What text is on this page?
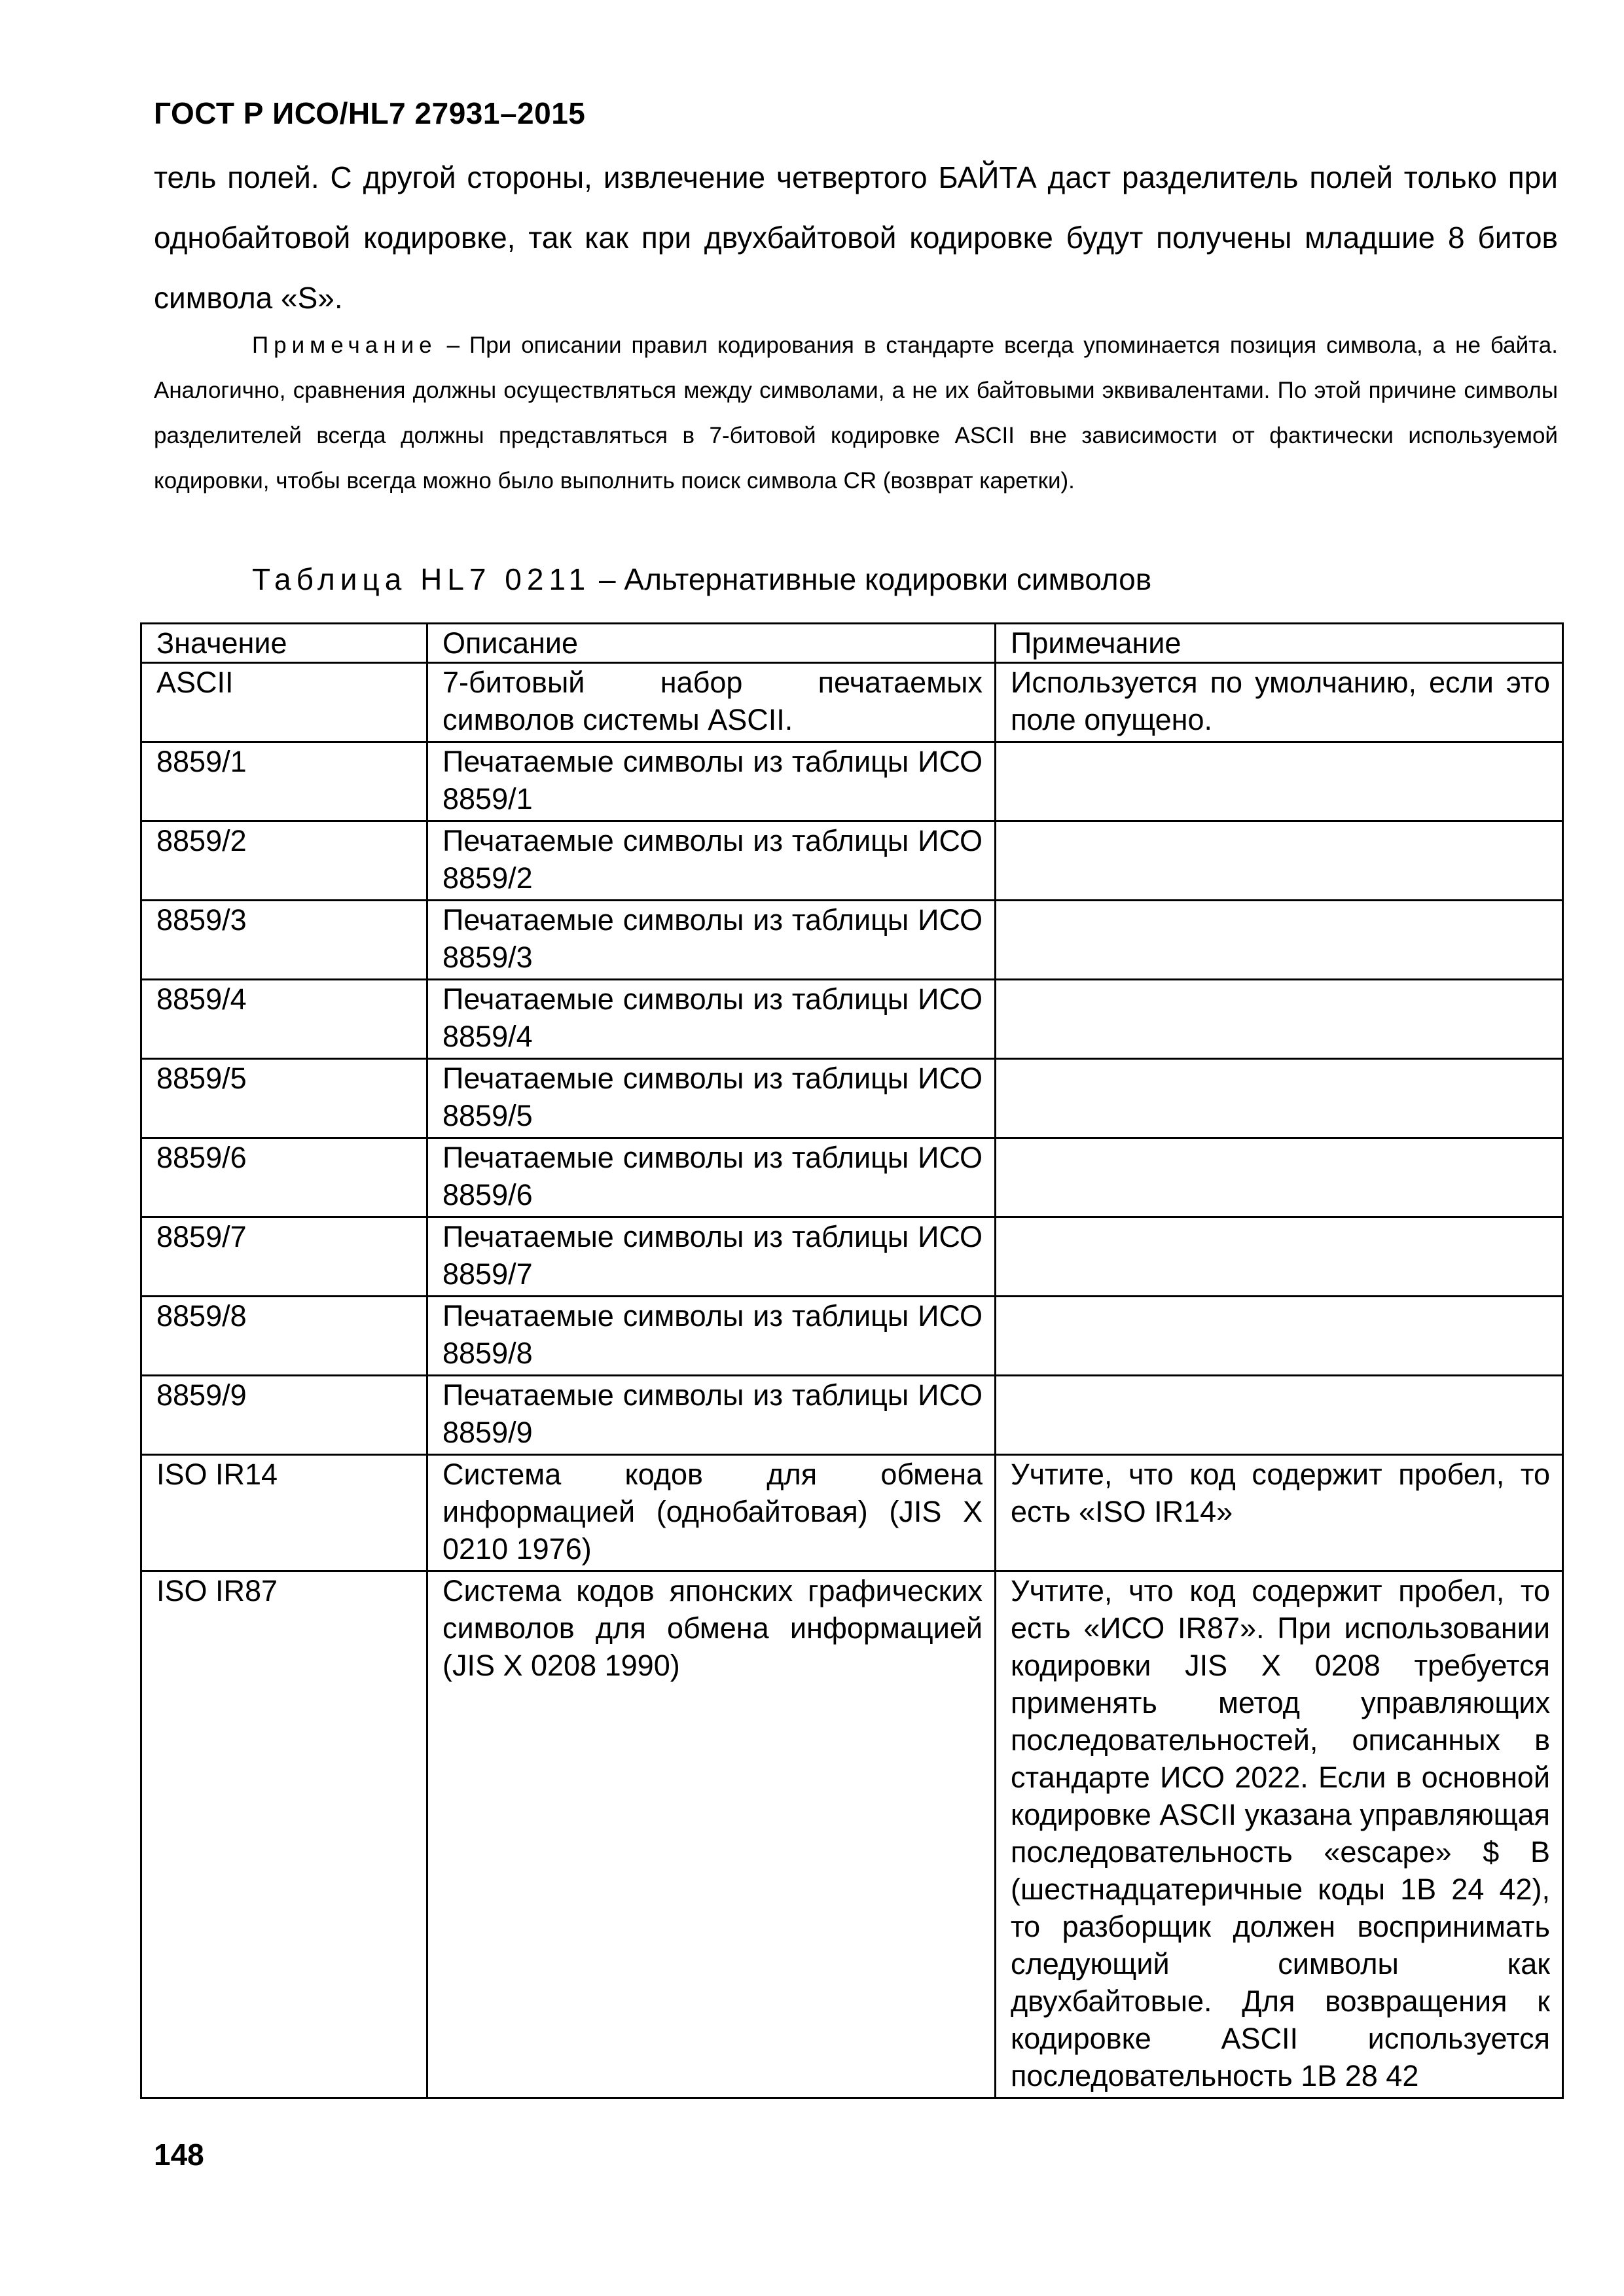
ГОСТ Р ИСО/HL7 27931–2015

тель полей. С другой стороны, извлечение четвертого БАЙТА даст разделитель полей только при однобайтовой кодировке, так как при двухбайтовой кодировке будут получены младшие 8 битов символа «S».

Примечание – При описании правил кодирования в стандарте всегда упоминается позиция символа, а не байта. Аналогично, сравнения должны осуществляться между символами, а не их байтовыми эквивалентами. По этой причине символы разделителей всегда должны представляться в 7-битовой кодировке ASCII вне зависимости от фактически используемой кодировки, чтобы всегда можно было выполнить поиск символа CR (возврат каретки).

Таблица HL7 0211 – Альтернативные кодировки символов
Значение	Описание	Примечание
ASCII	7-битовый набор печатаемых символов системы ASCII.	Используется по умолчанию, если это поле опущено.
8859/1	Печатаемые символы из таблицы ИСО 8859/1	
8859/2	Печатаемые символы из таблицы ИСО 8859/2	
8859/3	Печатаемые символы из таблицы ИСО 8859/3	
8859/4	Печатаемые символы из таблицы ИСО 8859/4	
8859/5	Печатаемые символы из таблицы ИСО 8859/5	
8859/6	Печатаемые символы из таблицы ИСО 8859/6	
8859/7	Печатаемые символы из таблицы ИСО 8859/7	
8859/8	Печатаемые символы из таблицы ИСО 8859/8	
8859/9	Печатаемые символы из таблицы ИСО 8859/9	
ISO IR14	Система кодов для обмена информацией (однобайтовая) (JIS X 0210 1976)	Учтите, что код содержит пробел, то есть «ISO IR14»
ISO IR87	Система кодов японских графических символов для обмена информацией (JIS X 0208 1990)	Учтите, что код содержит пробел, то есть «ИСО IR87». При использовании кодировки JIS X 0208 требуется применять метод управляющих последовательностей, описанных в стандарте ИСО 2022. Если в основной кодировке ASCII указана управляющая последовательность «escape» $ B (шестнадцатеричные коды 1B 24 42), то разборщик должен воспринимать следующий символы как двухбайтовые. Для возвращения к кодировке ASCII используется последовательность 1B 28 42
148
